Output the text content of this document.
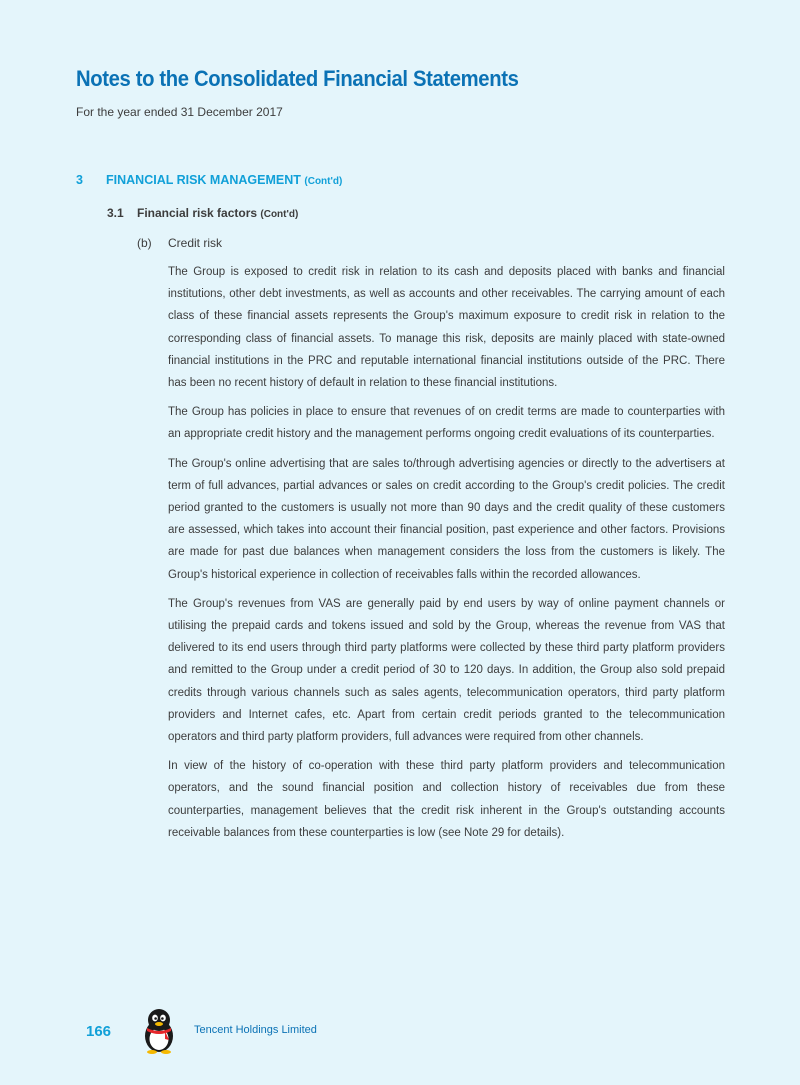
Notes to the Consolidated Financial Statements
For the year ended 31 December 2017
3 FINANCIAL RISK MANAGEMENT (Cont'd)
3.1 Financial risk factors (Cont'd)
(b) Credit risk

The Group is exposed to credit risk in relation to its cash and deposits placed with banks and financial institutions, other debt investments, as well as accounts and other receivables. The carrying amount of each class of these financial assets represents the Group's maximum exposure to credit risk in relation to the corresponding class of financial assets. To manage this risk, deposits are mainly placed with state-owned financial institutions in the PRC and reputable international financial institutions outside of the PRC. There has been no recent history of default in relation to these financial institutions.

The Group has policies in place to ensure that revenues of on credit terms are made to counterparties with an appropriate credit history and the management performs ongoing credit evaluations of its counterparties.

The Group's online advertising that are sales to/through advertising agencies or directly to the advertisers at term of full advances, partial advances or sales on credit according to the Group's credit policies. The credit period granted to the customers is usually not more than 90 days and the credit quality of these customers are assessed, which takes into account their financial position, past experience and other factors. Provisions are made for past due balances when management considers the loss from the customers is likely. The Group's historical experience in collection of receivables falls within the recorded allowances.

The Group's revenues from VAS are generally paid by end users by way of online payment channels or utilising the prepaid cards and tokens issued and sold by the Group, whereas the revenue from VAS that delivered to its end users through third party platforms were collected by these third party platform providers and remitted to the Group under a credit period of 30 to 120 days. In addition, the Group also sold prepaid credits through various channels such as sales agents, telecommunication operators, third party platform providers and Internet cafes, etc. Apart from certain credit periods granted to the telecommunication operators and third party platform providers, full advances were required from other channels.

In view of the history of co-operation with these third party platform providers and telecommunication operators, and the sound financial position and collection history of receivables due from these counterparties, management believes that the credit risk inherent in the Group's outstanding accounts receivable balances from these counterparties is low (see Note 29 for details).

166	Tencent Holdings Limited
